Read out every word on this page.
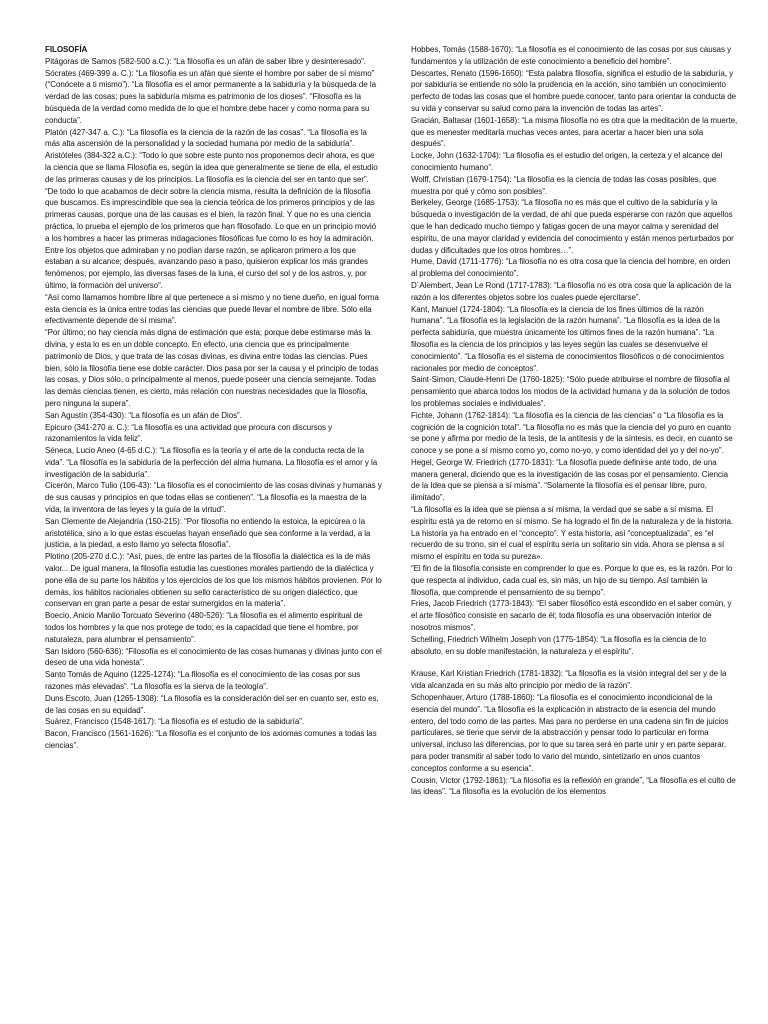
FILOSOFÍA

Pitágoras de Samos (582-500 a.C.): “La filosofía es un afán de saber libre y desinteresado”.

Sócrates (469-399 a. C.): “La filosofía es un afán que siente el hombre por saber de sí mismo” (“Conócete a ti mismo”). “La filosofía es el amor permanente a la sabiduría y la búsqueda de la verdad de las cosas; pues la sabiduría misma es patrimonio de los dioses”. “Filosofía es la búsqueda de la verdad como medida de lo que el hombre debe hacer y como norma para su conducta”.

Platón (427-347 a. C.): “La filosofía es la ciencia de la razón de las cosas”. “La filosofía es la más alta ascensión de la personalidad y la sociedad humana por medio de la sabiduría”.

Aristóteles (384-322 a.C.): “Todo lo que sobre este punto nos proponemos decir ahora, es que la ciencia que se llama Filosofía es, según la idea que generalmente se tiene de ella, el estudio de las primeras causas y de los principios. La filosofía es la ciencia del ser en tanto que ser”.

“De todo lo que acabamos de decir sobre la ciencia misma, resulta la definición de la filosofía que buscamos. Es imprescindible que sea la ciencia teórica de los primeros principios y de las primeras causas, porque una de las causas es el bien, la razón final. Y que no es una ciencia práctica, lo prueba el ejemplo de los primeros que han filosofado. Lo que en un principio movió a los hombres a hacer las primeras indagaciones filosóficas fue como lo es hoy la admiración. Entre los objetos que admiraban y no podían darse razón, se aplicaron primero a los que estaban a su alcance; después, avanzando paso a paso, quisieron explicar los más grandes fenómenos; por ejemplo, las diversas fases de la luna, el curso del sol y de los astros, y, por último, la formación del universo”.

“Así como llamamos hombre libre al que pertenece a sí mismo y no tiene dueño, en igual forma esta ciencia es la única entre todas las ciencias que puede llevar el nombre de libre. Sólo ella efectivamente depende de sí misma”.

“Por último; no hay ciencia más digna de estimación que esta; porque debe estimarse más la divina, y esta lo es en un doble concepto. En efecto, una ciencia que es principalmente patrimonio de Dios, y que trata de las cosas divinas, es divina entre todas las ciencias. Pues bien, sólo la filosofía tiene ese doble carácter. Dios pasa por ser la causa y el principio de todas las cosas, y Dios sólo, o principalmente al menos, puede poseer una ciencia semejante. Todas las demás ciencias tienen, es cierto, más relación con nuestras necesidades que la filosofía, pero ninguna la supera”.

San Agustín (354-430): “La filosofía es un afán de Dios”.

Epicuro (341-270 a. C.): “La filosofía es una actividad que procura con discursos y razonamientos la vida feliz”.

Séneca, Lucio Aneo (4-65 d.C.): “La filosofía es la teoría y el arte de la conducta recta de la vida”. “La filosofía es la sabiduría de la perfección del alma humana. La filosofía es el amor y la investigación de la sabiduría”.

Cicerón, Marco Tulio (106-43): “La filosofía es el conocimiento de las cosas divinas y humanas y de sus causas y principios en que todas ellas se contienen”. “La filosofía es la maestra de la vida, la inventora de las leyes y la guía de la virtud”.

San Clemente de Alejandría (150-215): “Por filosofía no entiendo la estoica, la epicúrea o la aristotélica, sino a lo que estas escuelas hayan enseñado que sea conforme a la verdad, a la justicia, a la piedad, a esto llamo yo selecta filosofía”.

Plotino (205-270 d.C.): “Así, pues, de entre las partes de la filosofía la dialéctica es la de más valor... De igual manera, la filosofía estudia las cuestiones morales partiendo de la dialéctica y pone ella de su parte los hábitos y los ejercicios de los que los mismos hábitos provienen. Por lo demás, los hábitos racionales obtienen su sello característico de su origen dialéctico, que conservan en gran parte a pesar de estar sumergidos en la materia”.

Boecio, Anicio Manlio Torcuato Severino (480-526): “La filosofía es el alimento espiritual de todos los hombres y la que nos protege de todo; es la capacidad que tiene el hombre, por naturaleza, para alumbrar el pensamiento”.

San Isidoro (560-636): “Filosofía es el conocimiento de las cosas humanas y divinas junto con el deseo de una vida honesta”.

Santo Tomás de Aquino (1225-1274): “La filosofía es el conocimiento de las cosas por sus razones más elevadas”. “La filosofía es la sierva de la teología”.

Duns Escoto, Juan (1265-1308): “La filosofía es la consideración del ser en cuanto ser, esto es, de las cosas en su equidad”.

Suárez, Francisco (1548-1617): “La filosofía es el estudio de la sabiduría”.

Bacon, Francisco (1561-1626): “La filosofía es el conjunto de los axiomas comunes a todas las ciencias”.

Hobbes, Tomás (1588-1670): “La filosofía es el conocimiento de las cosas por sus causas y fundamentos y la utilización de este conocimiento a beneficio del hombre”.

Descartes, Renato (1596-1650): “Esta palabra filosofía, significa el estudio de la sabiduría, y por sabiduría se entiende no sólo la prudencia en la acción, sino también un conocimiento perfecto de todas las cosas que el hombre puede conocer, tanto para orientar la conducta de su vida y conservar su salud como para la invención de todas las artes”.

Gracián, Baltasar (1601-1658): “La misma filosofía no es otra que la meditación de la muerte, que es menester meditarla muchas veces antes, para acertar a hacer bien una sola después”.

Locke, John (1632-1704): “La filosofía es el estudio del origen, la certeza y el alcance del conocimiento humano”.

Wolff, Christian (1679-1754): “La filosofía es la ciencia de todas las cosas posibles, que muestra por qué y cómo son posibles”.

Berkeley, George (1685-1753): “La filosofía no es más que el cultivo de la sabiduría y la búsqueda o investigación de la verdad, de ahí que pueda esperarse con razón que aquellos que le han dedicado mucho tiempo y fatigas gocen de una mayor calma y serenidad del espíritu, de una mayor claridad y evidencia del conocimiento y están menos perturbados por dudas y dificultades que los otros hombres…”.

Hume, David (1711-1776): “La filosofía no es otra cosa que la ciencia del hombre, en orden al problema del conocimiento”.

D´Alembert, Jean Le Rond (1717-1783): “La filosofía no es otra cosa que la aplicación de la razón a los diferentes objetos sobre los cuales puede ejercitarse”.

Kant, Manuel (1724-1804): “La filosofía es la ciencia de los fines últimos de la razón humana”. “La filosofía es la legislación de la razón humana”. “La filosofía es la idea de la perfecta sabiduría, que muestra únicamente los últimos fines de la razón humana”. “La filosofía es la ciencia de los principios y las leyes según las cuales se desenvuelve el conocimiento”. “La filosofía es el sistema de conocimientos filosóficos o de conocimientos racionales por medio de conceptos”.

Saint-Simon, Claude-Henri De (1760-1825): “Sólo puede atribuirse el nombre de filosofía al pensamiento que abarca todos los modos de la actividad humana y da la solución de todos los problemas sociales e individuales”.

Fichte, Johann (1762-1814): “La filosofía es la ciencia de las ciencias” o “La filosofía es la cognición de la cognición total”. “La filosofía no es más que la ciencia del yo puro en cuanto se pone y afirma por medio de la tesis, de la antítesis y de la síntesis, es decir, en cuanto se conoce y se pone a sí mismo como yo, como no-yo, y como identidad del yo y del no-yo”.

Hegel, George W. Friedrich (1770-1831): “La filosofía puede definirse ante todo, de una manera general, diciendo que es la investigación de las cosas por el pensamiento. Ciencia de la Idea que se piensa a sí misma”. “Solamente la filosofía es el pensar libre, puro, ilimitado”.

“La filosofía es la idea que se piensa a sí misma, la verdad que se sabe a sí misma. El espíritu está ya de retorno en sí mismo. Se ha logrado el fin de la naturaleza y de la historia. La historia ya ha entrado en el “concepto”. Y esta historia, así “conceptualizada”, es “el recuerdo de su trono, sin el cual el espíritu sería un solitario sin vida. Ahora se piensa a sí mismo el espíritu en toda su pureza».

“El fin de la filosofía consiste en comprender lo que es. Porque lo que es, es la razón. Por lo que respecta al individuo, cada cual es, sin más, un hijo de su tiempo. Así también la filosofía, que comprende el pensamiento de su tiempo”.

Fries, Jacob Friedrich (1773-1843): “El saber filosófico está escondido en el saber común, y el arte filosófico consiste en sacarlo de él; toda filosofía es una observación interior de nosotros mismos”.

Schelling, Friedrich Wilhelm Joseph von (1775-1854): “La filosofía es la ciencia de lo absoluto, en su doble manifestación, la naturaleza y el espíritu”.

Krause, Karl Kristian Friedrich (1781-1832): “La filosofía es la visión integral del ser y de la vida alcanzada en su más alto principio por medio de la razón”.

Schopenhauer, Arturo (1788-1860): “La filosofía es el conocimiento incondicional de la esencia del mundo”. “La filosofía es la explicación in abstracto de la esencia del mundo entero, del todo como de las partes. Mas para no perderse en una cadena sin fin de juicios particulares, se tiene que servir de la abstracción y pensar todo lo particular en forma universal, incluso las diferencias, por lo que su tarea será en parte unir y en parte separar, para poder transmitir al saber todo lo vario del mundo, sintetizarlo en unos cuantos conceptos conforme a su esencia”.

Cousin, Víctor (1792-1861): “La filosofía es la reflexión en grande”, “La filosofía es el culto de las ideas”. “La filosofía es la evolución de los elementos
